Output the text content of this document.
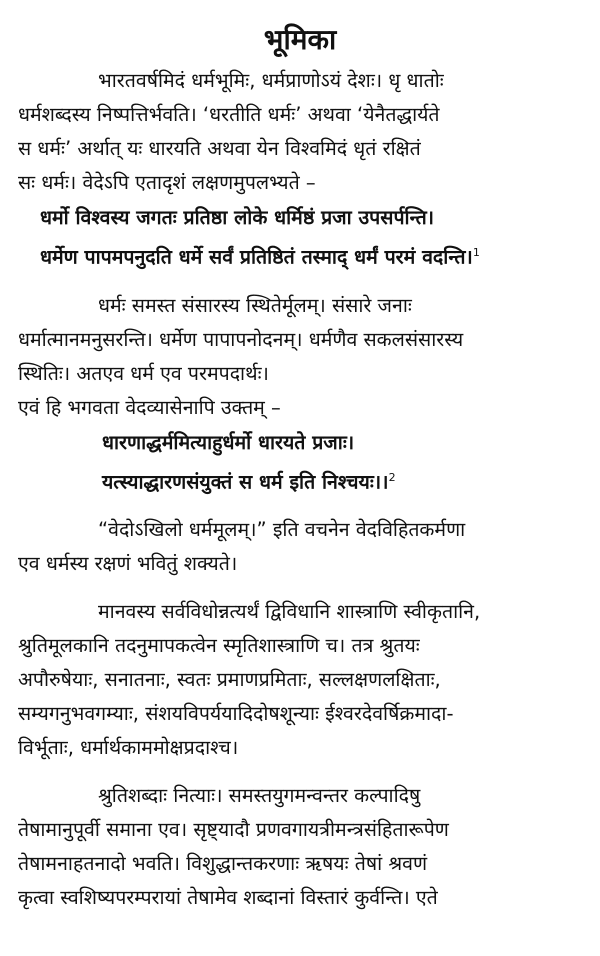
भूमिका
भारतवर्षमिदं धर्मभूमिः, धर्मप्राणोऽयं देशः। धृ धातोः
धर्मशब्दस्य निष्पत्तिर्भवति। ‘धरतीति धर्मः’ अथवा ‘येनैतद्धार्यते
स धर्मः’ अर्थात् यः धारयति अथवा येन विश्वमिदं धृतं रक्षितं
सः धर्मः। वेदेऽपि एतादृशं लक्षणमुपलभ्यते –
धर्मो विश्वस्य जगतः प्रतिष्ठा लोके धर्मिष्ठं प्रजा उपसर्पन्ति।
धर्मेण पापमपनुदति धर्मे सर्वं प्रतिष्ठितं तस्माद् धर्मं परमं वदन्ति।$^1$
धर्मः समस्त संसारस्य स्थितेर्मूलम्। संसारे जनाः
धर्मात्मानमनुसरन्ति। धर्मेण पापापनोदनम्। धर्मणैव सकलसंसारस्य
स्थितिः। अतएव धर्म एव परमपदार्थः।
एवं हि भगवता वेदव्यासेनापि उक्तम् –
धारणाद्धर्ममित्याहुर्धर्मो धारयते प्रजाः।
यत्स्याद्धारणसंयुक्तं स धर्म इति निश्चयः।।$^2$
“वेदोऽखिलो धर्ममूलम्।” इति वचनेन वेदविहितकर्मणा
एव धर्मस्य रक्षणं भवितुं शक्यते।
मानवस्य सर्वविधोन्नत्यर्थं द्विविधानि शास्त्राणि स्वीकृतानि,
श्रुतिमूलकानि तदनुमापकत्वेन स्मृतिशास्त्राणि च। तत्र श्रुतयः
अपौरुषेयाः, सनातनाः, स्वतः प्रमाणप्रमिताः, सल्लक्षणलक्षिताः,
सम्यगनुभवगम्याः, संशयविपर्ययादिदोषशून्याः ईश्वरदेवर्षिक्रमादा-
विर्भूताः, धर्मार्थकाममोक्षप्रदाश्च।
श्रुतिशब्दाः नित्याः। समस्तयुगमन्वन्तर कल्पादिषु
तेषामानुपूर्वी समाना एव। सृष्ट्यादौ प्रणवगायत्रीमन्त्रसंहितारूपेण
तेषामनाहतनादो भवति। विशुद्धान्तकरणाः ऋषयः तेषां श्रवणं
कृत्वा स्वशिष्यपरम्परायां तेषामेव शब्दानां विस्तारं कुर्वन्ति। एते
